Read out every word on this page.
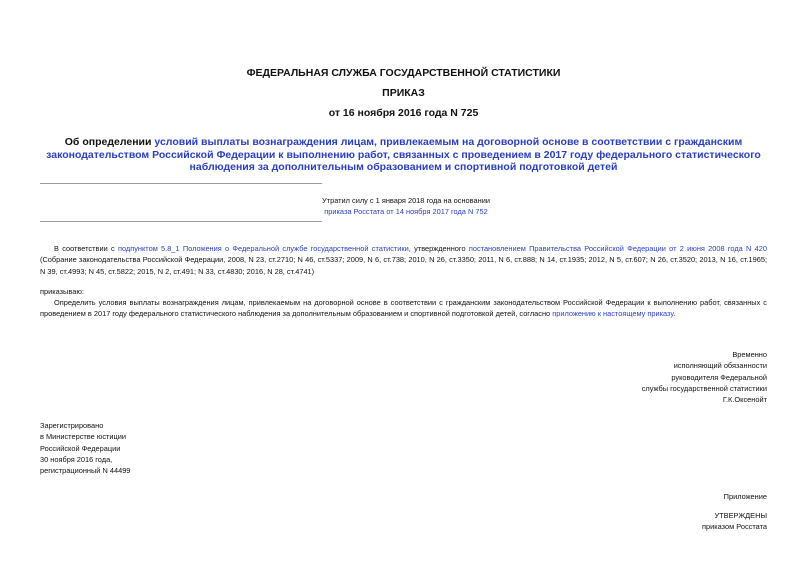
ФЕДЕРАЛЬНАЯ СЛУЖБА ГОСУДАРСТВЕННОЙ СТАТИСТИКИ
ПРИКАЗ
от 16 ноября 2016 года N 725
Об определении условий выплаты вознаграждения лицам, привлекаемым на договорной основе в соответствии с гражданским законодательством Российской Федерации к выполнению работ, связанных с проведением в 2017 году федерального статистического наблюдения за дополнительным образованием и спортивной подготовкой детей
Утратил силу с 1 января 2018 года на основании
приказа Росстата от 14 ноября 2017 года N 752
В соответствии с подпунктом 5.8_1 Положения о Федеральной службе государственной статистики, утвержденного постановлением Правительства Российской Федерации от 2 июня 2008 года N 420 (Собрание законодательства Российской Федерации, 2008, N 23, ст.2710; N 46, ст.5337; 2009, N 6, ст.738; 2010, N 26, ст.3350; 2011, N 6, ст.888; N 14, ст.1935; 2012, N 5, ст.607; N 26, ст.3520; 2013, N 16, ст.1965; N 39, ст.4993; N 45, ст.5822; 2015, N 2, ст.491; N 33, ст.4830; 2016, N 28, ст.4741)
приказываю:
Определить условия выплаты вознаграждения лицам, привлекаемым на договорной основе в соответствии с гражданским законодательством Российской Федерации к выполнению работ, связанных с проведением в 2017 году федерального статистического наблюдения за дополнительным образованием и спортивной подготовкой детей, согласно приложению к настоящему приказу.
Временно
исполняющий обязанности
руководителя Федеральной
службы государственной статистики
Г.К.Оксенойт
Зарегистрировано
в Министерстве юстиции
Российской Федерации
30 ноября 2016 года,
регистрационный N 44499
Приложение
УТВЕРЖДЕНЫ
приказом Росстата
